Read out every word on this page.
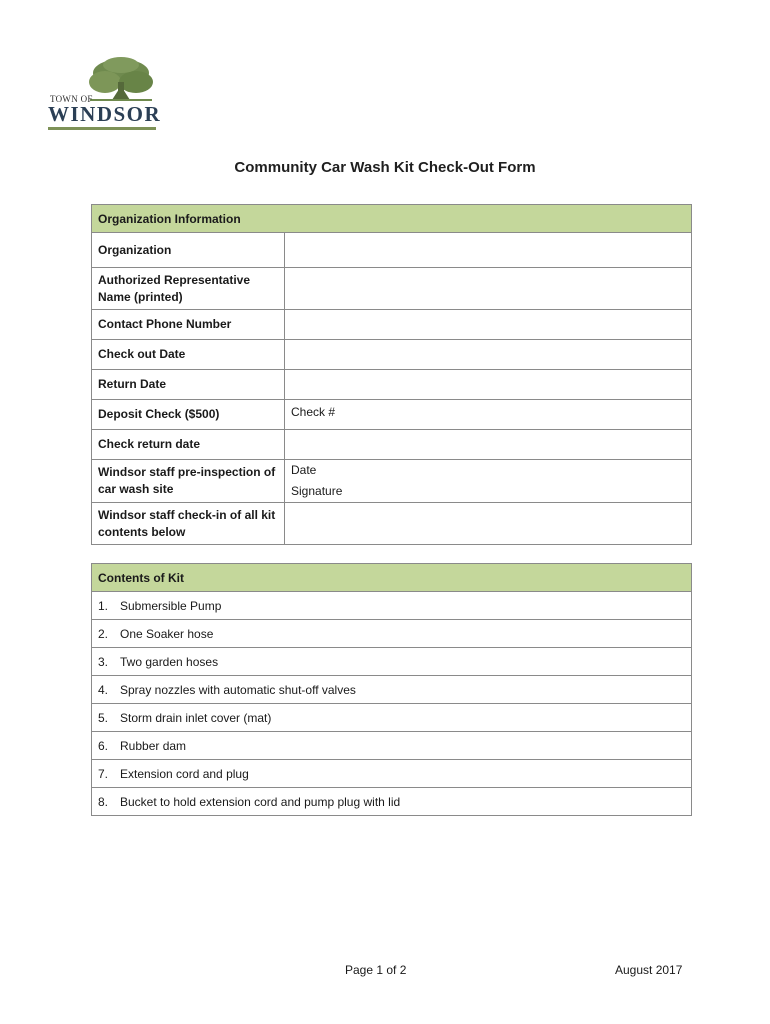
TOWN OF
WINDSOR
Community Car Wash Kit Check-Out Form
Organization Information	
Organization	
Authorized Representative Name (printed)	
Contact Phone Number	
Check out Date	
Return Date	
Deposit Check ($500)	Check #
Check return date	
Windsor staff pre-inspection of car wash site	Date
Signature

Windsor staff check-in of all kit contents below	
Contents of Kit
1. Submersible Pump
2. One Soaker hose
3. Two garden hoses
4. Spray nozzles with automatic shut-off valves
5. Storm drain inlet cover (mat)
6. Rubber dam
7. Extension cord and plug
8. Bucket to hold extension cord and pump plug with lid
Page 1 of 2	August 2017
